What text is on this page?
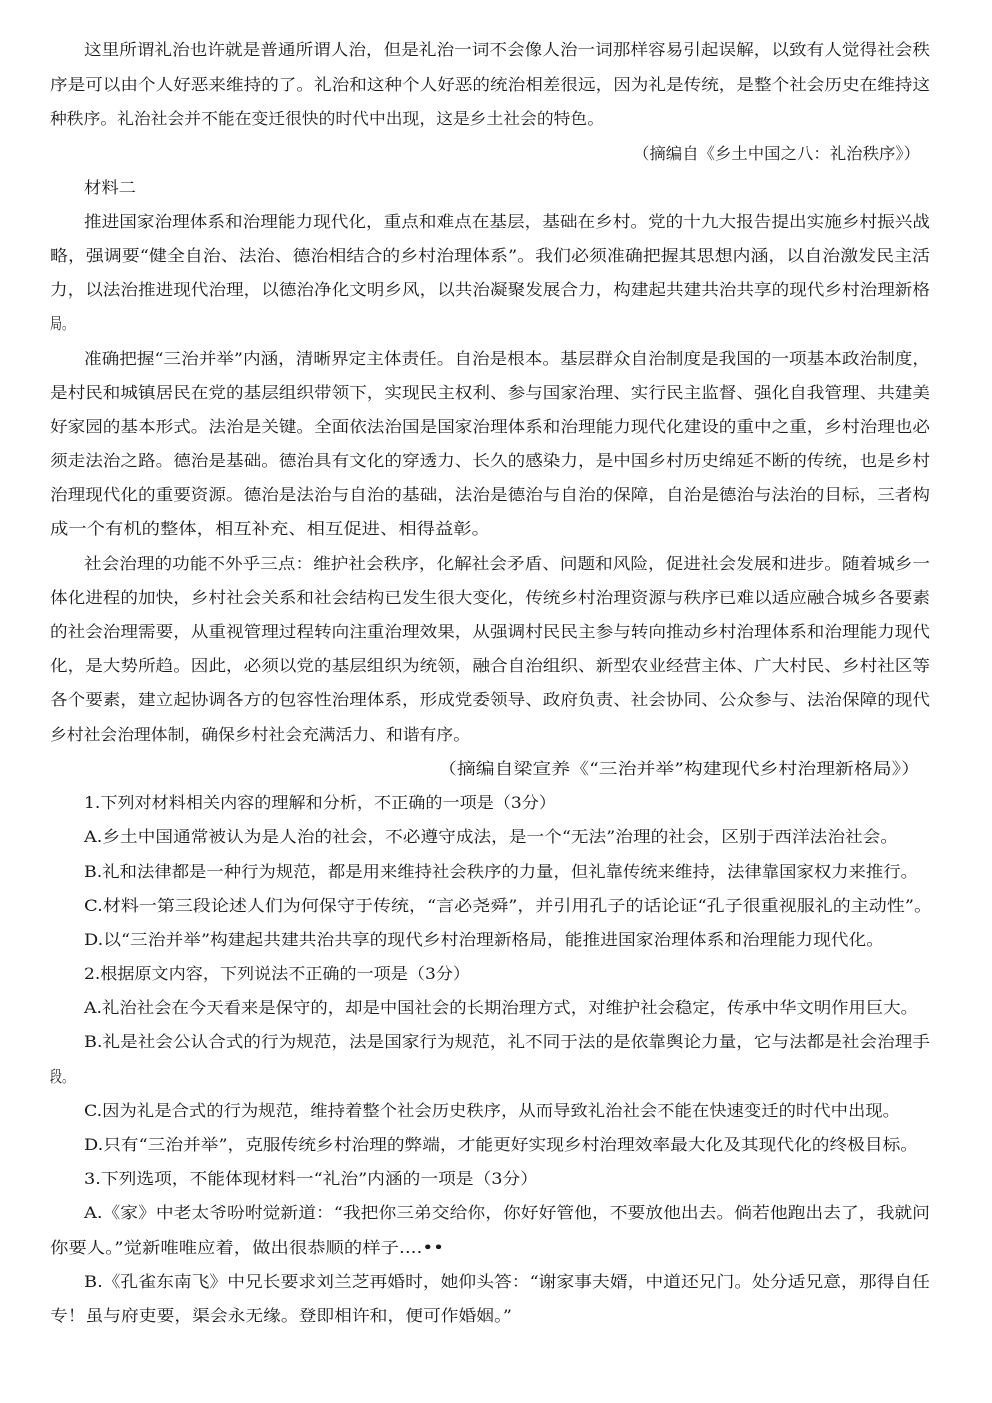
这里所谓礼治也许就是普通所谓人治，但是礼治一词不会像人治一词那样容易引起误解，以致有人觉得社会秩
序是可以由个人好恶来维持的了。礼治和这种个人好恶的统治相差很远，因为礼是传统，是整个社会历史在维持这
种秩序。礼治社会并不能在变迁很快的时代中出现，这是乡土社会的特色。
（摘编自《乡土中国之八：礼治秩序》）
材料二
推进国家治理体系和治理能力现代化，重点和难点在基层，基础在乡村。党的十九大报告提出实施乡村振兴战
略，强调要“健全自治、法治、德治相结合的乡村治理体系”。我们必须准确把握其思想内涵，以自治激发民主活
力，以法治推进现代治理，以德治净化文明乡风，以共治凝聚发展合力，构建起共建共治共享的现代乡村治理新格
局。
准确把握“三治并举”内涵，清晰界定主体责任。自治是根本。基层群众自治制度是我国的一项基本政治制度，
是村民和城镇居民在党的基层组织带领下，实现民主权利、参与国家治理、实行民主监督、强化自我管理、共建美
好家园的基本形式。法治是关键。全面依法治国是国家治理体系和治理能力现代化建设的重中之重，乡村治理也必
须走法治之路。德治是基础。德治具有文化的穿透力、长久的感染力，是中国乡村历史绵延不断的传统，也是乡村
治理现代化的重要资源。德治是法治与自治的基础，法治是德治与自治的保障，自治是德治与法治的目标，三者构
成一个有机的整体，相互补充、相互促进、相得益彰。
社会治理的功能不外乎三点：维护社会秩序，化解社会矛盾、问题和风险，促进社会发展和进步。随着城乡一
体化进程的加快，乡村社会关系和社会结构已发生很大变化，传统乡村治理资源与秩序已难以适应融合城乡各要素
的社会治理需要，从重视管理过程转向注重治理效果，从强调村民民主参与转向推动乡村治理体系和治理能力现代
化，是大势所趋。因此，必须以党的基层组织为统领，融合自治组织、新型农业经营主体、广大村民、乡村社区等
各个要素，建立起协调各方的包容性治理体系，形成党委领导、政府负责、社会协同、公众参与、法治保障的现代
乡村社会治理体制，确保乡村社会充满活力、和谐有序。
（摘编自梁宣养《“三治并举”构建现代乡村治理新格局》）
1.下列对材料相关内容的理解和分析，不正确的一项是（3分）
A.乡土中国通常被认为是人治的社会，不必遵守成法，是一个“无法”治理的社会，区别于西洋法治社会。
B.礼和法律都是一种行为规范，都是用来维持社会秩序的力量，但礼靠传统来维持，法律靠国家权力来推行。
C.材料一第三段论述人们为何保守于传统，“言必尧舜”，并引用孔子的话论证“孔子很重视服礼的主动性”。
D.以“三治并举”构建起共建共治共享的现代乡村治理新格局，能推进国家治理体系和治理能力现代化。
2.根据原文内容，下列说法不正确的一项是（3分）
A.礼治社会在今天看来是保守的，却是中国社会的长期治理方式，对维护社会稳定，传承中华文明作用巨大。
B.礼是社会公认合式的行为规范，法是国家行为规范，礼不同于法的是依靠舆论力量，它与法都是社会治理手
段。
C.因为礼是合式的行为规范，维持着整个社会历史秩序，从而导致礼治社会不能在快速变迁的时代中出现。
D.只有“三治并举”，克服传统乡村治理的弊端，才能更好实现乡村治理效率最大化及其现代化的终极目标。
3.下列选项，不能体现材料一“礼治”内涵的一项是（3分）
A.《家》中老太爷吩咐觉新道：“我把你三弟交给你，你好好管他，不要放他出去。倘若他跑出去了，我就问
你要人。”觉新唯唯应着，做出很恭顺的样子....••
B.《孔雀东南飞》中兄长要求刘兰芝再婚时，她仰头答：“谢家事夫婿，中道还兄门。处分适兄意，那得自任
专！虽与府吏要，渠会永无缘。登即相许和，便可作婚姻。”
